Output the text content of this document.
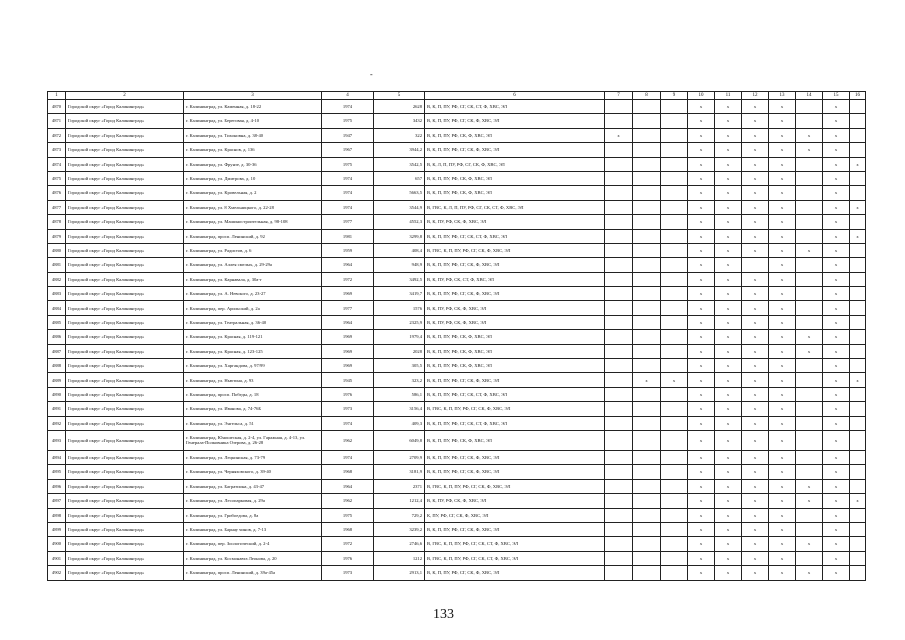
-
1	2	3	4	5	6	7	8	9	10	11	12	13	14	15	16
4870	Городской округ «Город Калининград»	г. Калининград, ул. Каменная, д. 18-22	1974	2628	В, К, П, ПУ, РФ, СГ, СК, СТ, Ф, ХВС, ЭЛ				x	x	x	x		x	
4871	Городской округ «Город Калининград»	г. Калининград, ул. Береговая, д. 4-10	1975	3432	В, К, П, ПУ, РФ, СГ, СК, Ф, ХВС, ЭЛ				x	x	x	x		x	
4872	Городской округ «Город Калининград»	г. Калининград, ул. Тихоновна, д. 38-40	1947	322	В, К, П, ПУ, РФ, СК, Ф, ХВС, ЭЛ	x			x	x	x	x	x	x	
4873	Городской округ «Город Калининград»	г. Калининград, ул. Краснов, д. 136	1967	3944,2	В, К, П, ПУ, РФ, СГ, СК, Ф, ХВС, ЭЛ				x	x	x	x	x	x	
4874	Городской округ «Город Калининград»	г. Калининград, ул. Фрунзе, д. 30-36	1975	3542,5	В, К, Л, П, ПУ, РФ, СГ, СК, Ф, ХВС, ЭЛ				x	x	x	x		x	x
4875	Городской округ «Город Калининград»	г. Калининград, ул. Дмитрова, д. 10	1974	657	В, К, П, ПУ, РФ, СК, Ф, ХВС, ЭЛ				x	x	x	x		x	
4876	Городской округ «Город Калининград»	г. Калининград, ул. Кровельная, д. 2	1974	5663,5	В, К, П, ПУ, РФ, СК, Ф, ХВС, ЭЛ				x	x	x	x		x	
4877	Городской округ «Город Калининград»	г. Калининград, ул. 8 Хмельницкого, д. 22-28	1974	3544,9	В, ГВС, К, Л, П, ПУ, РФ, СГ, СК, СТ, Ф, ХВС, ЭЛ				x	x	x	x		x	x
4878	Городской округ «Город Калининград»	г. Калининград, ул. Машиностроительная, д. 98-108	1977	4552,3	В, К, ПУ, РФ, СК, Ф, ХВС, ЭЛ				x	x	x	x		x	
4879	Городской округ «Город Калининград»	г. Калининград, просп. Ленинский, д. 92	1981	3299,8	В, К, П, ПУ, РФ, СГ, СК, СТ, Ф, ХВС, ЭЛ				x	x	x	x		x	x
4880	Городской округ «Город Калининград»	г. Калининград, ул. Радистов, д. 6	1959	408,4	В, ГВС, К, П, ПУ, РФ, СГ, СК, Ф, ХВС, ЭЛ				x	x	x	x	x	x	
4881	Городской округ «Город Калининград»	г. Калининград, ул. Аллея смелых, д. 29-29а	1964	948,9	В, К, П, ПУ, РФ, СГ, СК, Ф, ХВС, ЭЛ				x	x		x		x	
4882	Городской округ «Город Калининград»	г. Калининград, ул. Карнавала, д. 30а-г	1972	3492,5	В, К, ПУ, РФ, СК, СТ, Ф, ХВС, ЭЛ				x	x	x	x		x	
4883	Городской округ «Город Калининград»	г. Калининград, ул. А. Невского, д. 23-27	1969	3419,7	В, К, П, ПУ, РФ, СГ, СК, Ф, ХВС, ЭЛ				x	x	x	x		x	
4884	Городской округ «Город Калининград»	г. Калининград, пер. Арильский, д. 2а	1977	1576	В, К, ПУ, РФ, СК, Ф, ХВС, ЭЛ				x	x	x	x		x	
4885	Городской округ «Город Калининград»	г. Калининград, ул. Театральная, д. 36-40	1964	2325,9	В, К, ПУ, РФ, СК, Ф, ХВС, ЭЛ				x	x	x	x		x	
4886	Городской округ «Город Калининград»	г. Калининград, ул. Красная, д. 119-121	1969	1979,4	В, К, П, ПУ, РФ, СК, Ф, ХВС, ЭЛ				x	x	x	x	x	x	
4887	Городской округ «Город Калининград»	г. Калининград, ул. Красная, д. 123-125	1969	2028	В, К, П, ПУ, РФ, СК, Ф, ХВС, ЭЛ				x	x	x	x	x	x	
4888	Городской округ «Город Калининград»	г. Калининград, ул. Харгандова, д. 97/99	1969	305,5	В, К, П, ПУ, РФ, СК, Ф, ХВС, ЭЛ				x	x	x	x		x	
4889	Городской округ «Город Калининград»	г. Калининград, ул. Ньютона, д. 93	1945	323,2	В, К, П, ПУ, РФ, СГ, СК, Ф, ХВС, ЭЛ		x	x	x	x	x	x		x	x
4890	Городской округ «Город Калининград»	г. Калининград, просп. Победы, д. 18	1976	586,1	В, К, П, ПУ, РФ, СГ, СК, СТ, Ф, ХВС, ЭЛ				x	x	x	x		x	
4891	Городской округ «Город Калининград»	г. Калининград, ул. Иванова, д. 74-76Б	1973	3156,4	В, ГВС, К, П, ПУ, РФ, СГ, СК, Ф, ХВС, ЭЛ				x	x	x	x		x	
4892	Городской округ «Город Калининград»	г. Калининград, ул. Энгельса, д. 51	1974	409,3	В, К, П, ПУ, РФ, СГ, СК, СТ, Ф, ХВС, ЭЛ				x	x	x	x		x	
4893	Городской округ «Город Калининград»	г. Калининград, Юношеская, д. 2-4, ул. Гаражная, д. 4-13, ул. Генерала-Полковника Озерова, д. 26-28	1962	6049,8	В, К, П, ПУ, РФ, СК, Ф, ХВС, ЭЛ				x	x	x	x		x	
4894	Городской округ «Город Калининград»	г. Калининград, ул. Лецкинская, д. 73-79	1974	2709,9	В, К, П, ПУ, РФ, СГ, СК, Ф, ХВС, ЭЛ				x	x	x	x		x	
4895	Городской округ «Город Калининград»	г. Калининград, ул. Черняховского, д. 39-40	1968	3181,9	В, К, П, ПУ, РФ, СГ, СК, Ф, ХВС, ЭЛ				x	x	x	x		x	
4896	Городской округ «Город Калининград»	г. Калининград, ул. Багратиона, д. 43-47	1964	2371	В, ГВС, К, П, ПУ, РФ, СГ, СК, Ф, ХВС, ЭЛ				x	x	x	x	x	x	
4897	Городской округ «Город Калининград»	г. Калининград, ул. Лесопарковая, д. 29а	1962	1212,4	В, К, ПУ, РФ, СК, Ф, ХВС, ЭЛ				x	x	x	x	x	x	x
4898	Городской округ «Город Калининград»	г. Калининград, ул. Грибоедова, д. 8а	1975	729,2	К, ПУ, РФ, СГ, СК, Ф, ХВС, ЭЛ				x	x	x	x		x	
4899	Городской округ «Город Калининград»	г. Калининград, ул. Барнау чинов, д. 7-13	1968	3239,2	В, К, П, ПУ, РФ, СГ, СК, Ф, ХВС, ЭЛ				x	x	x	x		x	
4900	Городской округ «Город Калининград»	г. Калининград, пер. Зоологический, д. 2-4	1972	2746,6	В, ГВС, К, П, ПУ, РФ, СГ, СК, СТ, Ф, ХВС, ЭЛ				x	x	x	x	x	x	
4901	Городской округ «Город Калининград»	г. Калининград, ул. Космонавта Леонова, д. 20	1976	1212	В, ГВС, К, П, ПУ, РФ, СГ, СК, СТ, Ф, ХВС, ЭЛ				x	x	x	x		x	
4902	Городской округ «Город Калининград»	г. Калининград, просп. Ленинский, д. 39а-45а	1973	2913,1	В, К, П, ПУ, РФ, СГ, СК, Ф, ХВС, ЭЛ				x	x	x	x	x	x	
133
